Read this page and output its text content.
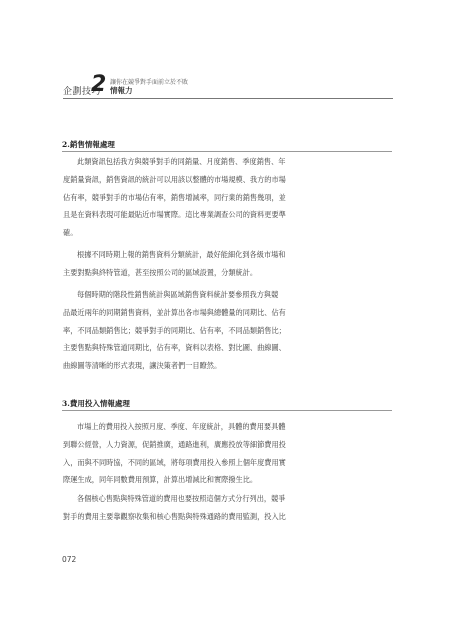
企劃技巧
2 讓你在競爭對手面前立於不敗
情報力
2.銷售情報處理

此類資訊包括我方與競爭對手的同銷量、月度銷售、季度銷售、年
度銷量資訊，銷售資訊的統計可以用該以整體的市場規模、我方的市場
佔有率，競爭對手的市場佔有率，銷售增減率，同行業的銷售幾項，並
且是在資料表現可能最貼近市場實際。這比專業調查公司的資料更要準
確。

根據不同時期上報的銷售資料分類統計，最好能細化到各級市場和
主要對點與終特管道，甚至按照公司的區域設置，分類統計。

每個時期的階段性銷售統計與區域銷售資料統計要參照我方與競
品最近兩年的同期銷售資料，並計算出各市場與總體量的同期比、佔有
率，不同品類銷售比；競爭對手的同期比、佔有率，不同品類銷售比；
主要售點與特殊管道同期比，佔有率，資料以表格、對比圖、曲線圖、
曲線圖等清晰的形式表現，讓決策者們一目瞭然。

3.費用投入情報處理

市場上的費用投入按照月度、季度、年度統計，具體的費用要具體
到聯公經營，人力資源，促銷推廣，通路進利，廣應投放等細節費用投
入，而與不同時協，不同的區域，將每項費用投入參照上個年度費用實
際運生成，同年同數費用預算，計算出增減比和實際撥生比。

各個核心售點與特殊管道的費用也要按照這個方式分行列出，競爭
對手的費用主要靠觀察收集和核心售點與特殊通路的費用監測，投入比

072
